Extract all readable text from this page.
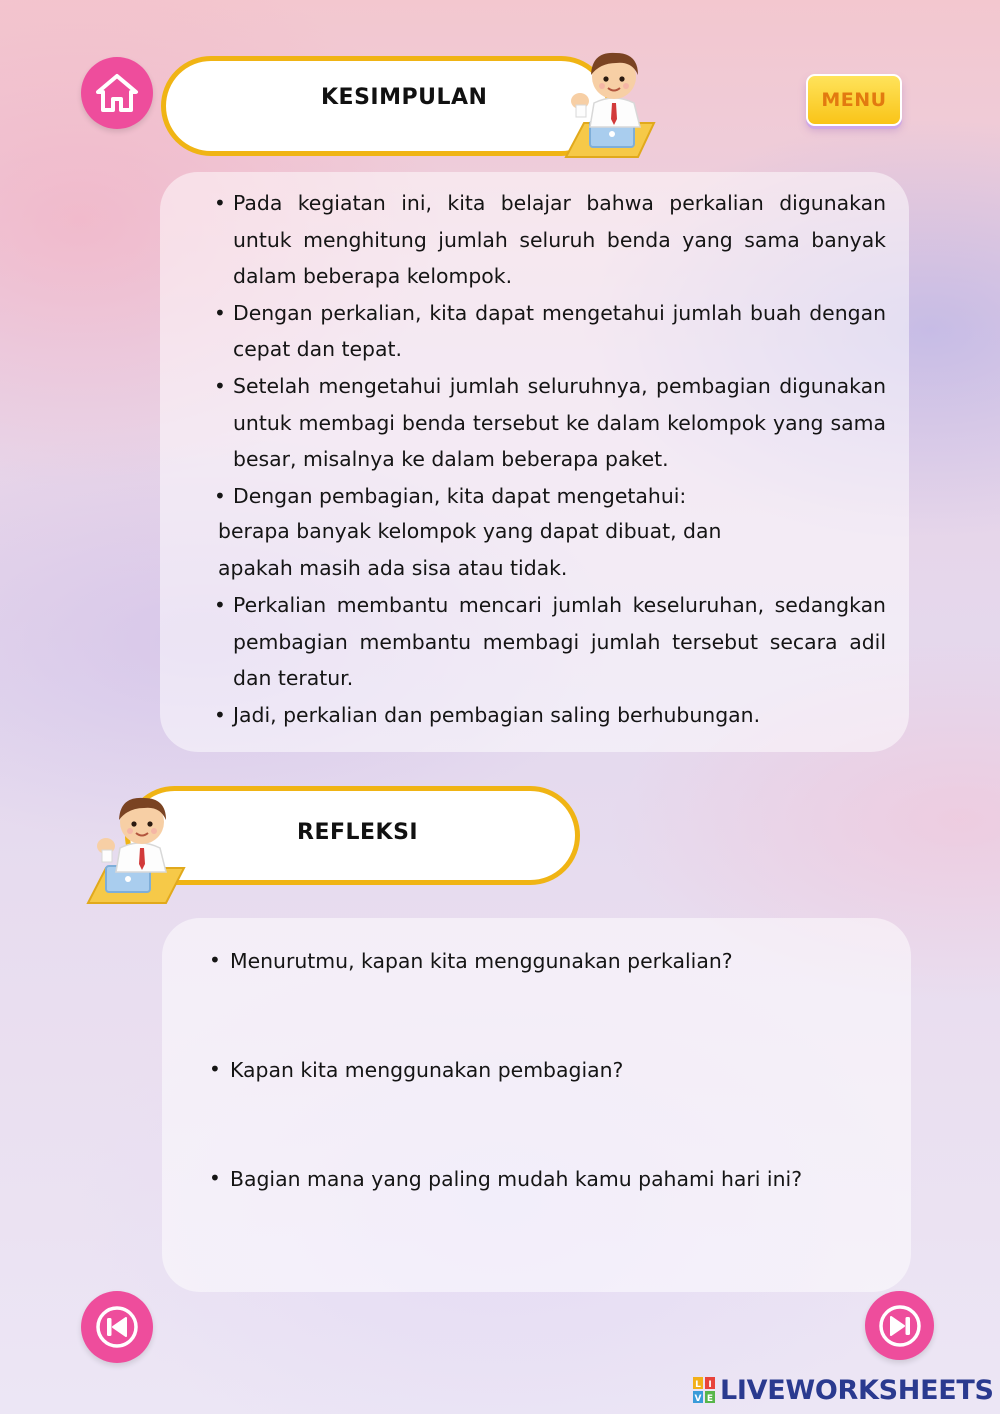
KESIMPULAN	MENU
• Pada kegiatan ini, kita belajar bahwa perkalian digunakan untuk menghitung jumlah seluruh benda yang sama banyak dalam beberapa kelompok.
• Dengan perkalian, kita dapat mengetahui jumlah buah dengan cepat dan tepat.
• Setelah mengetahui jumlah seluruhnya, pembagian digunakan untuk membagi benda tersebut ke dalam kelompok yang sama besar, misalnya ke dalam beberapa paket.
• Dengan pembagian, kita dapat mengetahui:
berapa banyak kelompok yang dapat dibuat, dan
apakah masih ada sisa atau tidak.
• Perkalian membantu mencari jumlah keseluruhan, sedangkan pembagian membantu membagi jumlah tersebut secara adil dan teratur.
• Jadi, perkalian dan pembagian saling berhubungan.
REFLEKSI
• Menurutmu, kapan kita menggunakan perkalian?
• Kapan kita menggunakan pembagian?
• Bagian mana yang paling mudah kamu pahami hari ini?
L I
V E LIVEWORKSHEETS
